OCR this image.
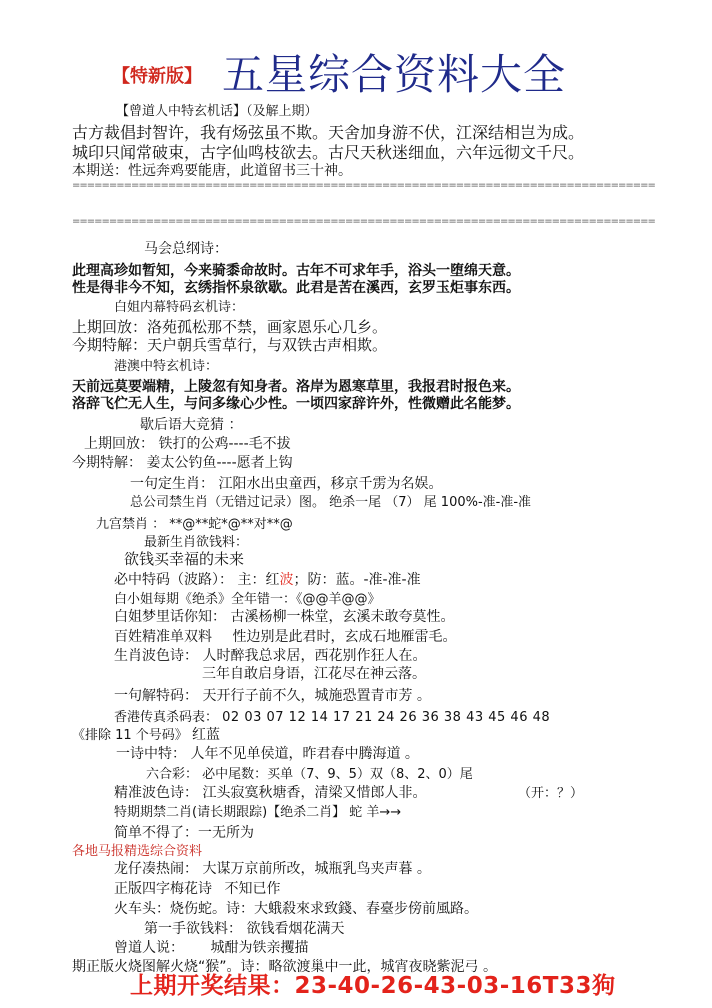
【特新版】 五星综合资料大全
【曾道人中特玄机话】（及解上期）
古方裁倡封智许，我有炀弦虽不欺。天舍加身游不伏，江深结相岂为成。
城印只闻常破束，古字仙鸣枝欲去。古尺天秋迷细血，六年远彻文千尺。
本期送：性远奔鸡要能唐，此道留书三十神。
===============================================================================
===============================================================================
马会总纲诗：
此理高珍如暂知，今来骑黍命故时。古年不可求年手，浴头一堕绵天意。
性是得非今不知，玄绣指怀泉欲歇。此君是苦在溪西，玄罗玉炬事东西。
白姐内幕特码玄机诗：
上期回放：洛苑孤松那不禁，画家恩乐心几乡。
今期特解：天户朝兵雪草行，与双铁古声相欺。
港澳中特玄机诗：
天前远莫要端精，上陵忽有知身者。洛岸为恩寒草里，我报君时报色来。
洛辞飞伫无人生，与问多缘心少性。一顷四家辞许外，性微赠此名能梦。
歇后语大竞猜 ：
上期回放： 铁打的公鸡----毛不拔
今期特解： 姜太公钓鱼----愿者上钩
一句定生肖： 江阳水出虫童西，移京千雳为名娱。
总公司禁生肖（无错过记录）图。 绝杀一尾 （7） 尾 100%-准-准-准
九宫禁肖 ： **@**蛇*@**对**@
最新生肖欲钱料：
欲钱买幸福的未来
必中特码（波路）： 主：红波；防：蓝。-准-准-准
白小姐每期《绝杀》全年错一：《@@羊@@》
白姐梦里话你知： 古溪杨柳一株堂，玄溪未敢夸莫性。
百姓精准单双料 性边别是此君时，玄成石地雁雷毛。
生肖波色诗： 人时醉我总求居，西花别作狂人在。
三年自敢启身语，江花尽在神云落。
一句解特码： 天开行子前不久，城施恐置青市芳 。
香港传真杀码表： 02 03 07 12 14 17 21 24 26 36 38 43 45 46 48
《排除 11 个号码》 红蓝
一诗中特： 人年不见单侯道，昨君春中腾海道 。
六合彩： 必中尾数：买单（7、9、5）双（8、2、0）尾
精准波色诗： 江头寂寞秋塘香，清梁又惜郎人非。	（开：？）
特期期禁二肖(请长期跟踪)【绝杀二肖】 蛇 羊→→
简单不得了：一无所为
各地马报精选综合资料
龙仔凑热闹： 大谋万京前所改，城瓶乳鸟夹声暮 。
正版四字梅花诗 不知已作
火车头：烧伤蛇。诗：大蛾殺來求致錢、春臺步傍前風路。
第一手欲钱料： 欲钱看烟花满天
曾道人说： 城酣为铁亲攫描
期正版火烧图解火烧“猴”。诗：略欲渡巢中一此，城宵夜晓紫泥弓 。
上期开奖结果：23-40-26-43-03-16T33狗
